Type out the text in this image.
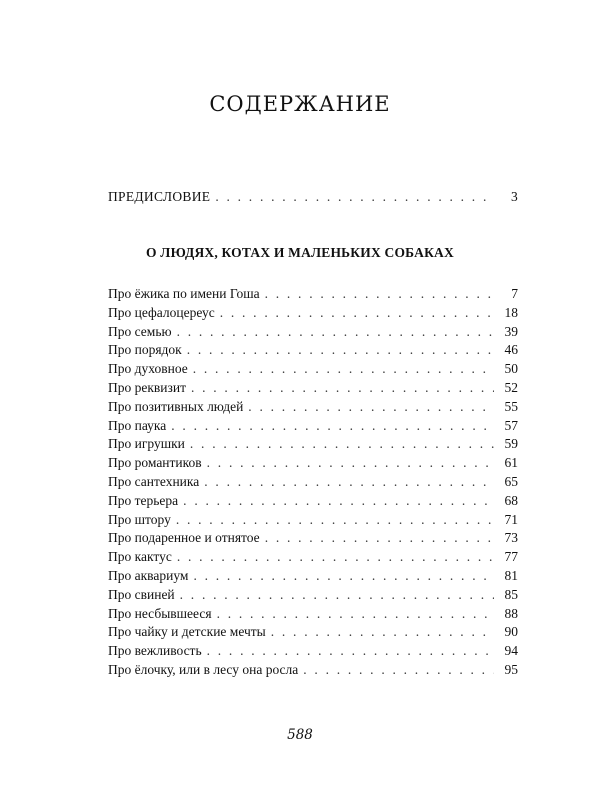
СОДЕРЖАНИЕ
ПРЕДИСЛОВИЕ . . .	3
О ЛЮДЯХ, КОТАХ И МАЛЕНЬКИХ СОБАКАХ
Про ёжика по имени Гоша . . .	7
Про цефалоцереус . . .	18
Про семью . . .	39
Про порядок . . .	46
Про духовное . . .	50
Про реквизит . . .	52
Про позитивных людей . . .	55
Про паука . . .	57
Про игрушки . . .	59
Про романтиков . . .	61
Про сантехника . . .	65
Про терьера . . .	68
Про штору . . .	71
Про подаренное и отнятое . . .	73
Про кактус . . .	77
Про аквариум . . .	81
Про свиней . . .	85
Про несбывшееся . . .	88
Про чайку и детские мечты . . .	90
Про вежливость . . .	94
Про ёлочку, или в лесу она росла . . .	95
588
